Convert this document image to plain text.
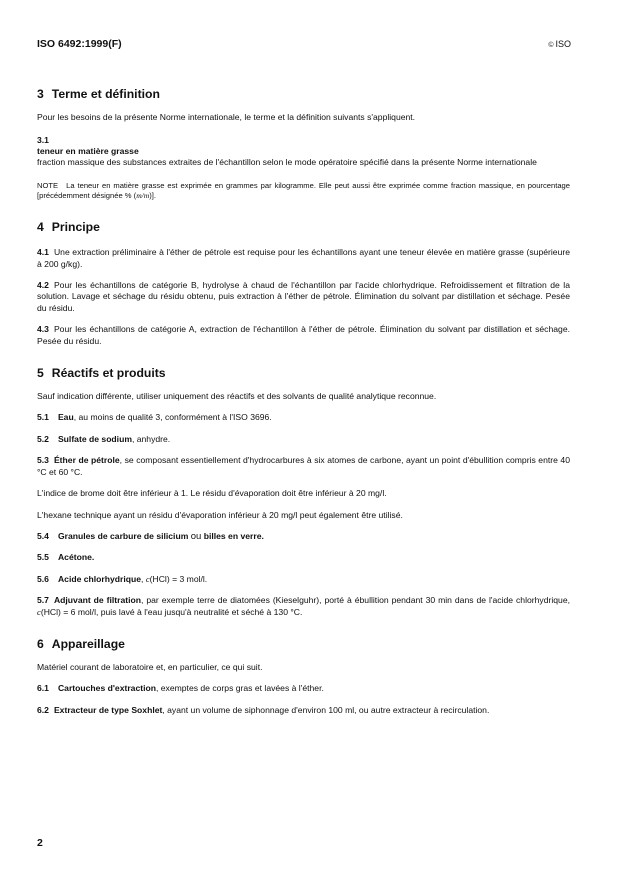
ISO 6492:1999(F)	© ISO
3 Terme et définition

Pour les besoins de la présente Norme internationale, le terme et la définition suivants s'appliquent.

3.1
teneur en matière grasse

fraction massique des substances extraites de l'échantillon selon le mode opératoire spécifié dans la présente Norme internationale

NOTE La teneur en matière grasse est exprimée en grammes par kilogramme. Elle peut aussi être exprimée comme fraction massique, en pourcentage [précédemment désignée % (m/m)].

4 Principe

4.1 Une extraction préliminaire à l'éther de pétrole est requise pour les échantillons ayant une teneur élevée en matière grasse (supérieure à 200 g/kg).

4.2 Pour les échantillons de catégorie B, hydrolyse à chaud de l'échantillon par l'acide chlorhydrique. Refroidissement et filtration de la solution. Lavage et séchage du résidu obtenu, puis extraction à l'éther de pétrole. Élimination du solvant par distillation et séchage. Pesée du résidu.

4.3 Pour les échantillons de catégorie A, extraction de l'échantillon à l'éther de pétrole. Élimination du solvant par distillation et séchage. Pesée du résidu.

5 Réactifs et produits

Sauf indication différente, utiliser uniquement des réactifs et des solvants de qualité analytique reconnue.

5.1 Eau, au moins de qualité 3, conformément à l'ISO 3696.

5.2 Sulfate de sodium, anhydre.

5.3 Éther de pétrole, se composant essentiellement d'hydrocarbures à six atomes de carbone, ayant un point d'ébullition compris entre 40 °C et 60 °C.

L'indice de brome doit être inférieur à 1. Le résidu d'évaporation doit être inférieur à 20 mg/l.

L'hexane technique ayant un résidu d'évaporation inférieur à 20 mg/l peut également être utilisé.

5.4 Granules de carbure de silicium ou billes en verre.

5.5 Acétone.

5.6 Acide chlorhydrique, c(HCl) = 3 mol/l.

5.7 Adjuvant de filtration, par exemple terre de diatomées (Kieselguhr), porté à ébullition pendant 30 min dans de l'acide chlorhydrique, c(HCl) = 6 mol/l, puis lavé à l'eau jusqu'à neutralité et séché à 130 °C.

6 Appareillage

Matériel courant de laboratoire et, en particulier, ce qui suit.

6.1 Cartouches d'extraction, exemptes de corps gras et lavées à l'éther.

6.2 Extracteur de type Soxhlet, ayant un volume de siphonnage d'environ 100 ml, ou autre extracteur à recirculation.

2
